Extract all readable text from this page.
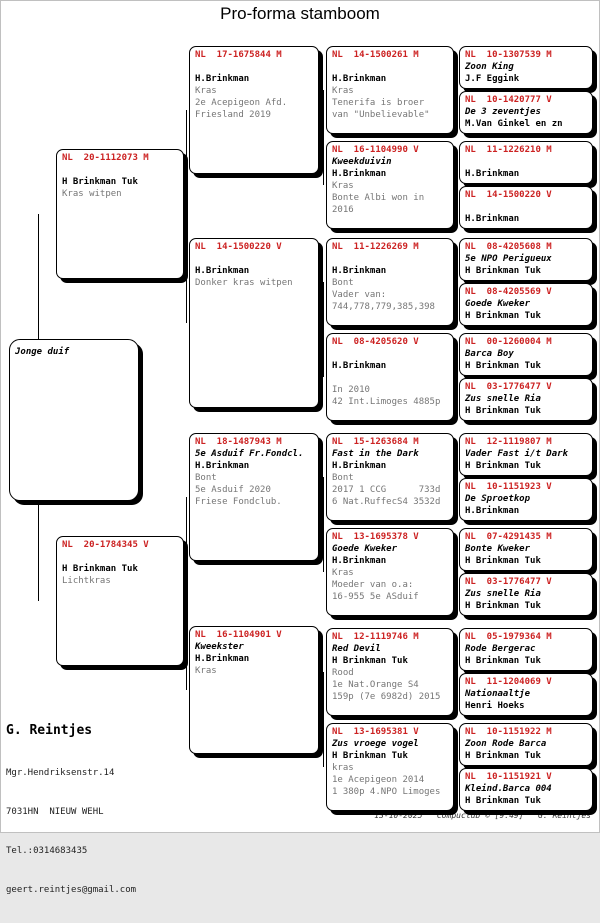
Pro-forma stamboom
NL  20-1112073 M
H Brinkman Tuk
Kras witpen
NL  20-1784345 V
H Brinkman Tuk
Lichtkras
NL  17-1675844 M
H.Brinkman
Kras
2e Acepigeon Afd.
Friesland 2019
NL  14-1500220 V
H.Brinkman
Donker kras witpen
NL  18-1487943 M
5e Asduif Fr.Fondcl.
H.Brinkman
Bont
5e Asduif 2020
Friese Fondclub.
NL  16-1104901 V
Kweekster
H.Brinkman
Kras
NL  14-1500261 M
H.Brinkman
Kras
Tenerifa is broer
van "Unbelievable"
NL  16-1104990 V
Kweekduivin
H.Brinkman
Kras
Bonte Albi won in
2016
NL  11-1226269 M
H.Brinkman
Bont
Vader van:
744,778,779,385,398
NL  08-4205620 V
H.Brinkman
In 2010
42 Int.Limoges 4885p
NL  15-1263684 M
Fast in the Dark
H.Brinkman
Bont
2017 1 CCG      733d
6 Nat.RuffecS4 3532d
NL  13-1695378 V
Goede Kweker
H.Brinkman
Kras
Moeder van o.a:
16-955 5e ASduif
NL  12-1119746 M
Red Devil
H Brinkman Tuk
Rood
1e Nat.Orange S4
159p (7e 6982d) 2015
NL  13-1695381 V
Zus vroege vogel
H Brinkman Tuk
kras
1e Acepigeon 2014
1 380p 4.NPO Limoges
NL  10-1307539 M
Zoon King
J.F Eggink
NL  10-1420777 V
De 3 zeventjes
M.Van Ginkel en zn
NL  11-1226210 M
H.Brinkman
NL  14-1500220 V
H.Brinkman
NL  08-4205608 M
5e NPO Perigueux
H Brinkman Tuk
NL  08-4205569 V
Goede Kweker
H Brinkman Tuk
NL  00-1260004 M
Barca Boy
H Brinkman Tuk
NL  03-1776477 V
Zus snelle Ria
H Brinkman Tuk
NL  12-1119807 M
Vader Fast i/t Dark
H Brinkman Tuk
NL  10-1151923 V
De Sproetkop
H.Brinkman
NL  07-4291435 M
Bonte Kweker
H Brinkman Tuk
NL  03-1776477 V
Zus snelle Ria
H Brinkman Tuk
NL  05-1979364 M
Rode Bergerac
H Brinkman Tuk
NL  11-1204069 V
Nationaaltje
Henri Hoeks
NL  10-1151922 M
Zoon Rode Barca
H Brinkman Tuk
NL  10-1151921 V
Kleind.Barca 004
H Brinkman Tuk
Jonge duif
G. Reintjes

Mgr.Hendriksenstr.14

7031HN  NIEUW WEHL

Tel.:0314683435

geert.reintjes@gmail.com

13-10-2025   Compuclub © [9.49]   G. Reintjes
